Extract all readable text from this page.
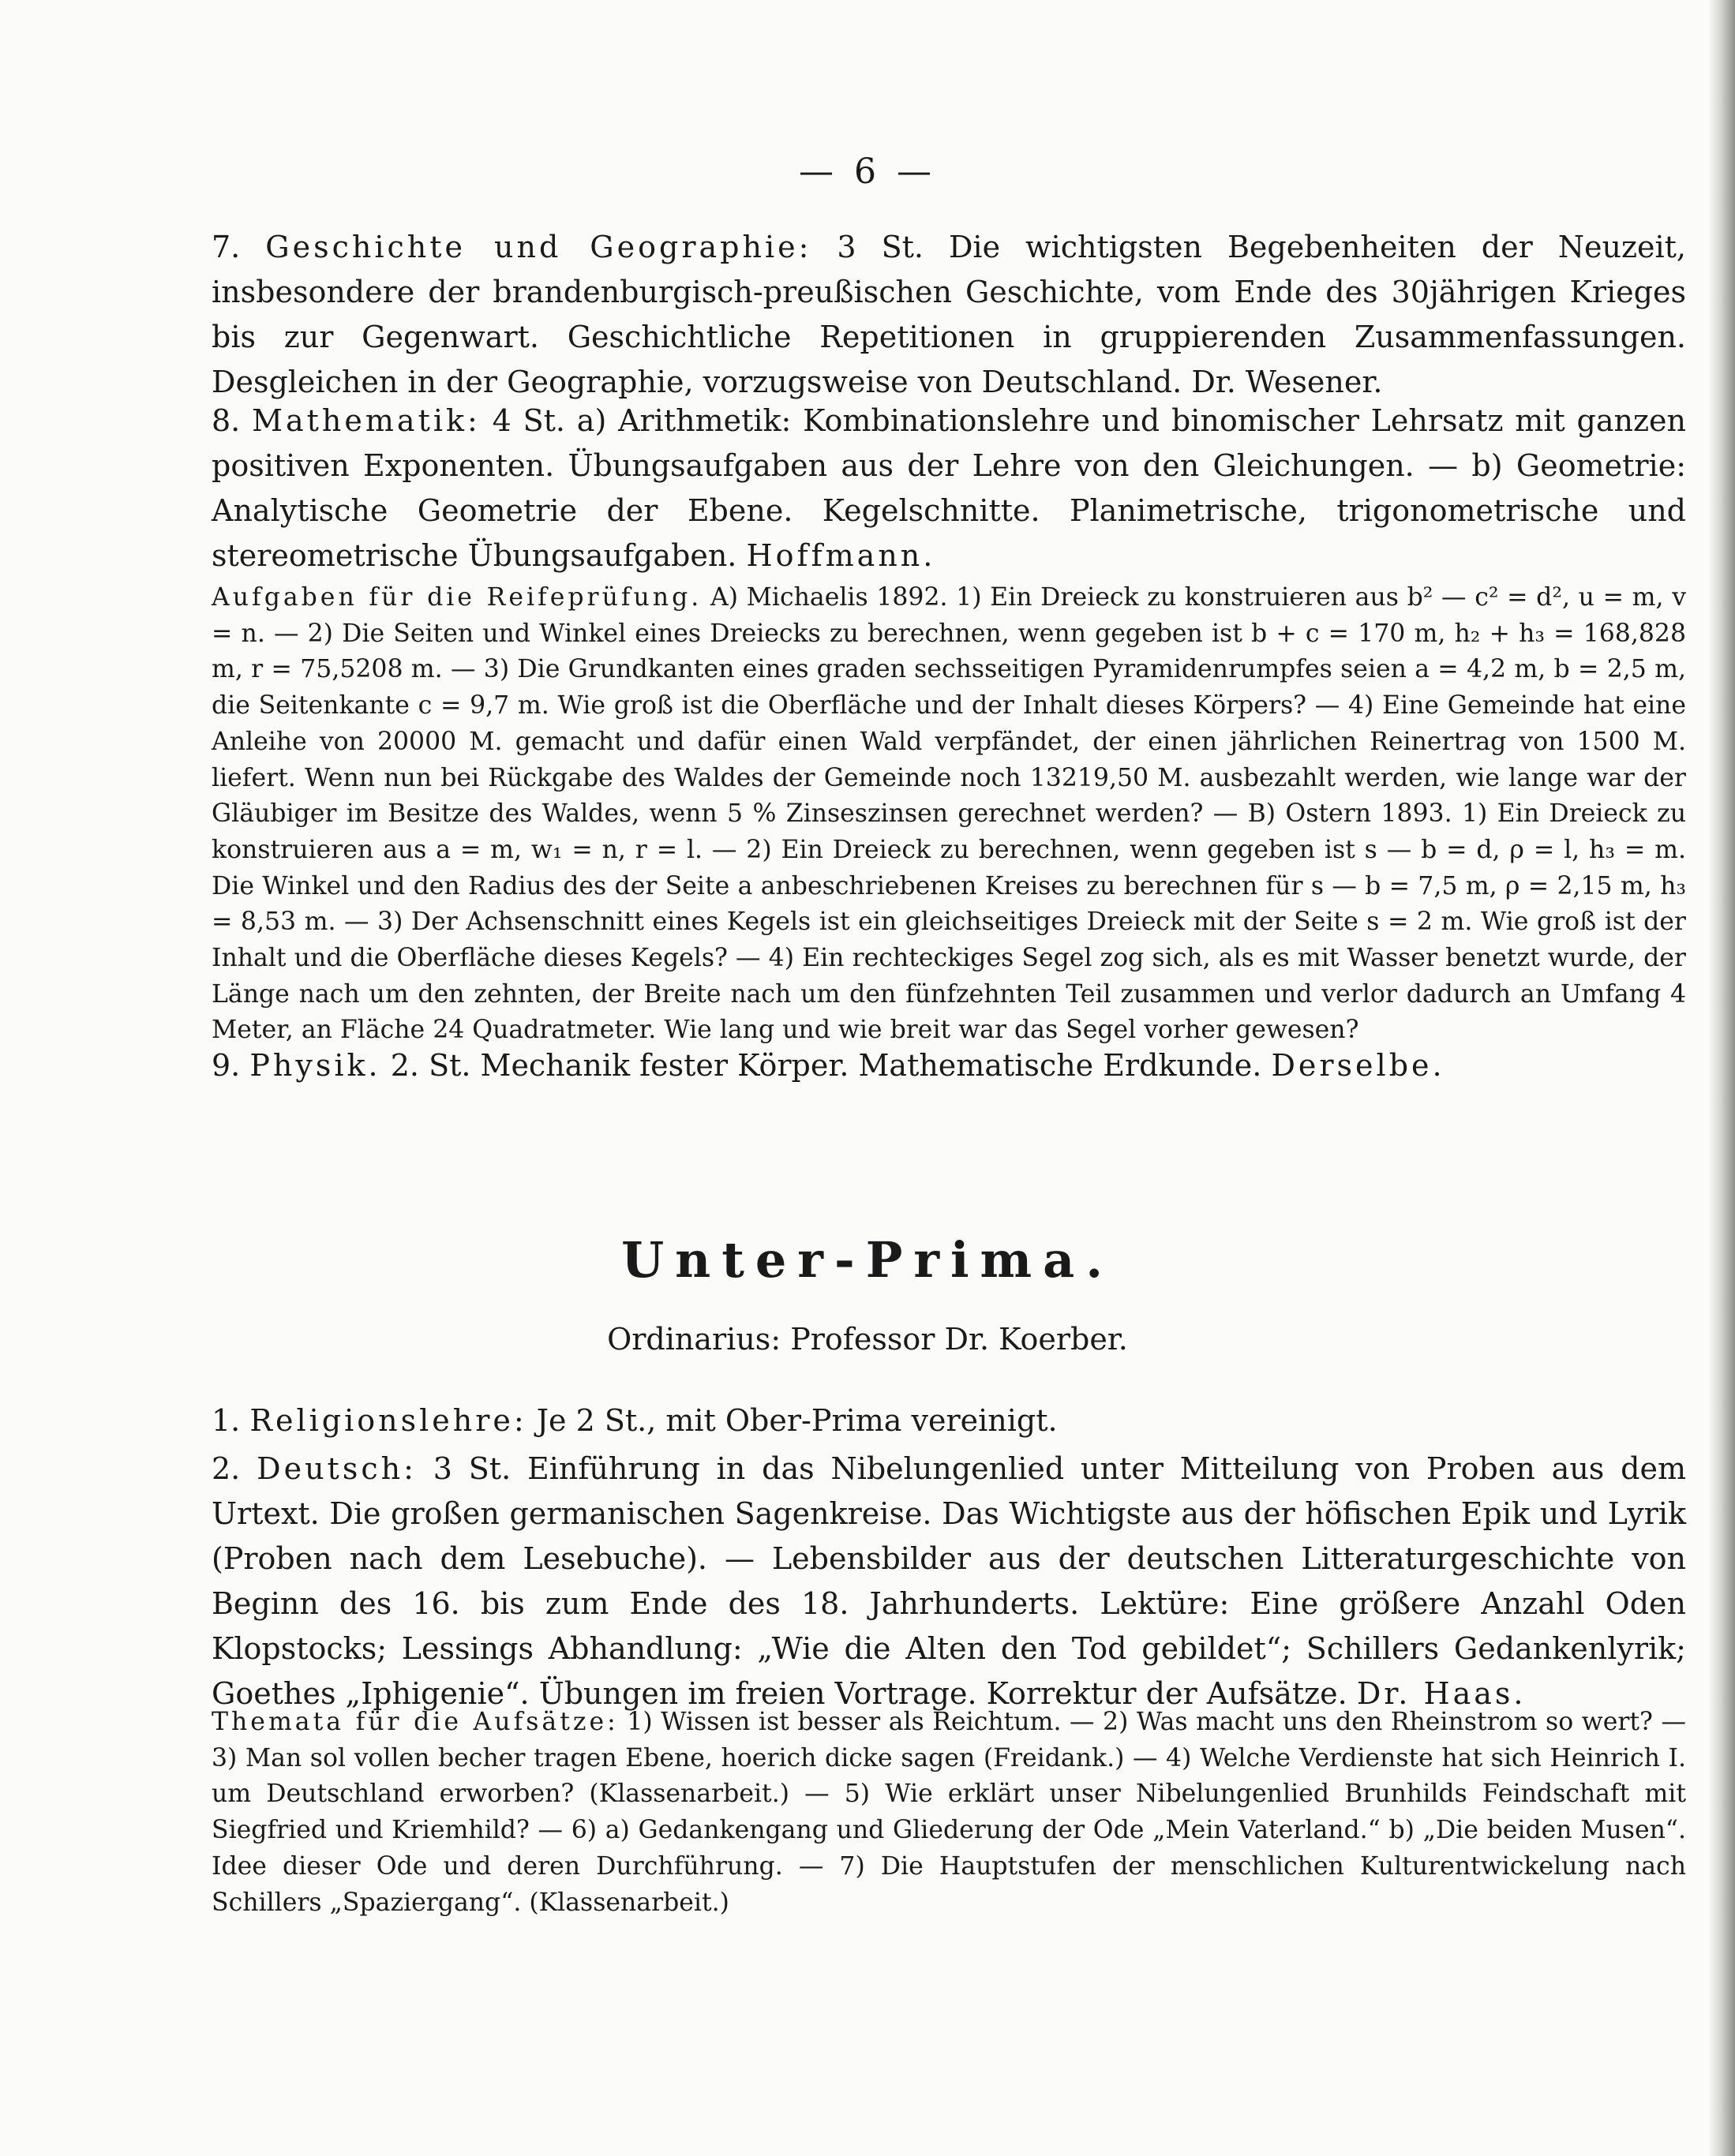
— 6 —

7. Geschichte und Geographie: 3 St. Die wichtigsten Begebenheiten der Neuzeit, insbesondere der brandenburgisch-preußischen Geschichte, vom Ende des 30jährigen Krieges bis zur Gegenwart. Geschichtliche Repetitionen in gruppierenden Zusammenfassungen. Desgleichen in der Geographie, vorzugsweise von Deutschland. Dr. Wesener.

8. Mathematik: 4 St. a) Arithmetik: Kombinationslehre und binomischer Lehrsatz mit ganzen positiven Exponenten. Übungsaufgaben aus der Lehre von den Gleichungen. — b) Geometrie: Analytische Geometrie der Ebene. Kegelschnitte. Planimetrische, trigonometrische und stereometrische Übungsaufgaben. Hoffmann.

Aufgaben für die Reifeprüfung. A) Michaelis 1892. 1) Ein Dreieck zu konstruieren aus b² — c² = d², u = m, v = n. — 2) Die Seiten und Winkel eines Dreiecks zu berechnen, wenn gegeben ist b + c = 170 m, h₂ + h₃ = 168,828 m, r = 75,5208 m. — 3) Die Grundkanten eines graden sechsseitigen Pyramidenrumpfes seien a = 4,2 m, b = 2,5 m, die Seitenkante c = 9,7 m. Wie groß ist die Oberfläche und der Inhalt dieses Körpers? — 4) Eine Gemeinde hat eine Anleihe von 20000 M. gemacht und dafür einen Wald verpfändet, der einen jährlichen Reinertrag von 1500 M. liefert. Wenn nun bei Rückgabe des Waldes der Gemeinde noch 13219,50 M. ausbezahlt werden, wie lange war der Gläubiger im Besitze des Waldes, wenn 5 % Zinseszinsen gerechnet werden? — B) Ostern 1893. 1) Ein Dreieck zu konstruieren aus a = m, w₁ = n, r = l. — 2) Ein Dreieck zu berechnen, wenn gegeben ist s — b = d, ρ = l, h₃ = m. Die Winkel und den Radius des der Seite a anbeschriebenen Kreises zu berechnen für s — b = 7,5 m, ρ = 2,15 m, h₃ = 8,53 m. — 3) Der Achsenschnitt eines Kegels ist ein gleichseitiges Dreieck mit der Seite s = 2 m. Wie groß ist der Inhalt und die Oberfläche dieses Kegels? — 4) Ein rechteckiges Segel zog sich, als es mit Wasser benetzt wurde, der Länge nach um den zehnten, der Breite nach um den fünfzehnten Teil zusammen und verlor dadurch an Umfang 4 Meter, an Fläche 24 Quadratmeter. Wie lang und wie breit war das Segel vorher gewesen?

9. Physik. 2. St. Mechanik fester Körper. Mathematische Erdkunde. Derselbe.

Unter-Prima.
Ordinarius: Professor Dr. Koerber.

1. Religionslehre: Je 2 St., mit Ober-Prima vereinigt.

2. Deutsch: 3 St. Einführung in das Nibelungenlied unter Mitteilung von Proben aus dem Urtext. Die großen germanischen Sagenkreise. Das Wichtigste aus der höfischen Epik und Lyrik (Proben nach dem Lesebuche). — Lebensbilder aus der deutschen Litteraturgeschichte von Beginn des 16. bis zum Ende des 18. Jahrhunderts. Lektüre: Eine größere Anzahl Oden Klopstocks; Lessings Abhandlung: „Wie die Alten den Tod gebildet“; Schillers Gedankenlyrik; Goethes „Iphigenie“. Übungen im freien Vortrage. Korrektur der Aufsätze. Dr. Haas.

Themata für die Aufsätze: 1) Wissen ist besser als Reichtum. — 2) Was macht uns den Rheinstrom so wert? — 3) Man sol vollen becher tragen Ebene, hoerich dicke sagen (Freidank.) — 4) Welche Verdienste hat sich Heinrich I. um Deutschland erworben? (Klassenarbeit.) — 5) Wie erklärt unser Nibelungenlied Brunhilds Feindschaft mit Siegfried und Kriemhild? — 6) a) Gedankengang und Gliederung der Ode „Mein Vaterland.“ b) „Die beiden Musen“. Idee dieser Ode und deren Durchführung. — 7) Die Hauptstufen der menschlichen Kulturentwickelung nach Schillers „Spaziergang“. (Klassenarbeit.)
